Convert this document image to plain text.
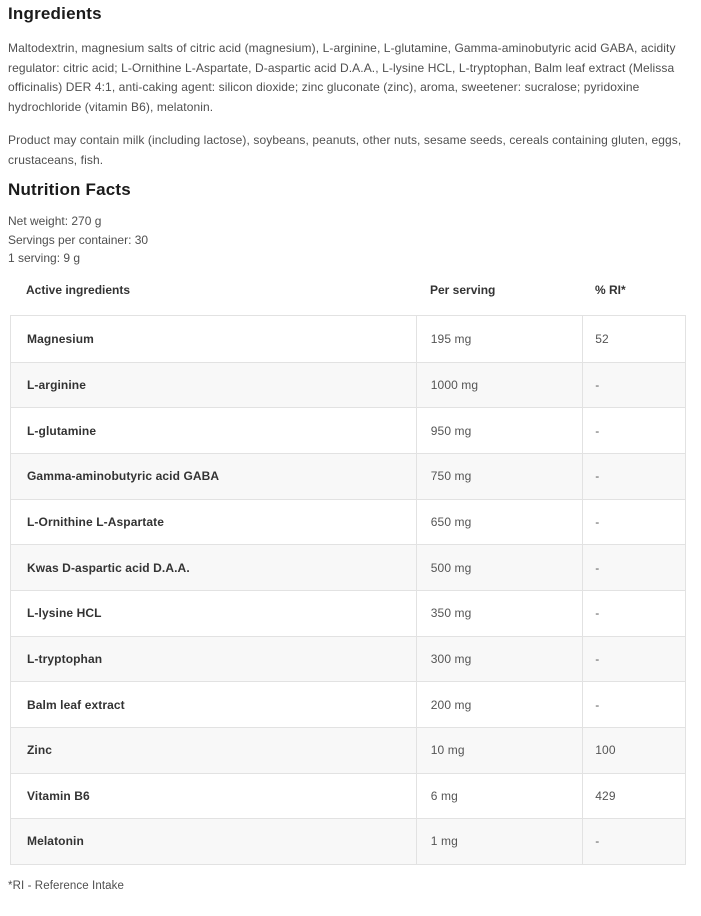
Ingredients

Maltodextrin, magnesium salts of citric acid (magnesium), L-arginine, L-glutamine, Gamma-aminobutyric acid GABA, acidity regulator: citric acid; L-Ornithine L-Aspartate, D-aspartic acid D.A.A., L-lysine HCL, L-tryptophan, Balm leaf extract (Melissa officinalis) DER 4:1, anti-caking agent: silicon dioxide; zinc gluconate (zinc), aroma, sweetener: sucralose; pyridoxine hydrochloride (vitamin B6), melatonin.

Product may contain milk (including lactose), soybeans, peanuts, other nuts, sesame seeds, cereals containing gluten, eggs, crustaceans, fish.

Nutrition Facts
Net weight: 270 g
Servings per container: 30
1 serving: 9 g
Active ingredients	Per serving	% RI*
Magnesium	195 mg	52
L-arginine	1000 mg	-
L-glutamine	950 mg	-
Gamma-aminobutyric acid GABA	750 mg	-
L-Ornithine L-Aspartate	650 mg	-
Kwas D-aspartic acid D.A.A.	500 mg	-
L-lysine HCL	350 mg	-
L-tryptophan	300 mg	-
Balm leaf extract	200 mg	-
Zinc	10 mg	100
Vitamin B6	6 mg	429
Melatonin	1 mg	-
*RI - Reference Intake
